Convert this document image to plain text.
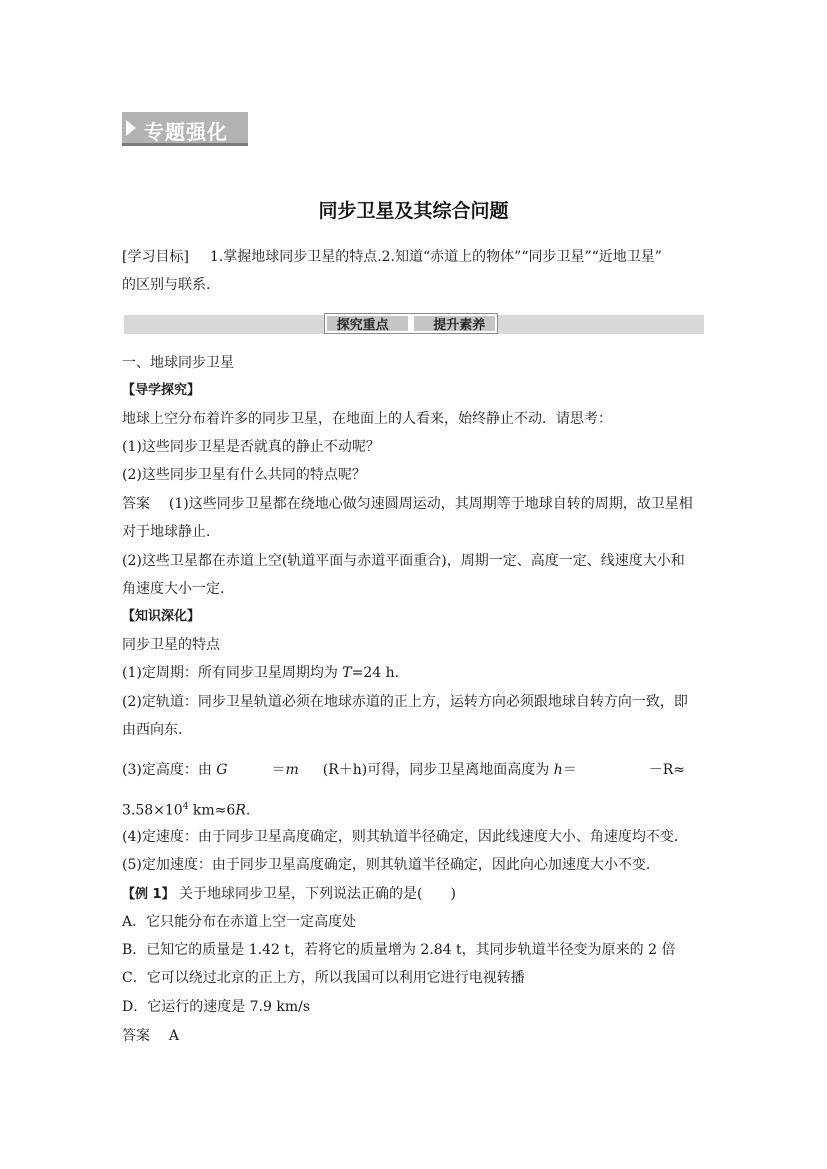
专题强化
同步卫星及其综合问题
[学习目标] 1.掌握地球同步卫星的特点.2.知道“赤道上的物体”“同步卫星”“近地卫星”
的区别与联系.
探究重点	提升素养
一、地球同步卫星
【导学探究】
地球上空分布着许多的同步卫星，在地面上的人看来，始终静止不动．请思考：
(1)这些同步卫星是否就真的静止不动呢？
(2)这些同步卫星有什么共同的特点呢？
答案 (1)这些同步卫星都在绕地心做匀速圆周运动，其周期等于地球自转的周期，故卫星相
对于地球静止．
(2)这些卫星都在赤道上空(轨道平面与赤道平面重合)，周期一定、高度一定、线速度大小和
角速度大小一定．
【知识深化】
同步卫星的特点
(1)定周期：所有同步卫星周期均为 T=24 h.
(2)定轨道：同步卫星轨道必须在地球赤道的正上方，运转方向必须跟地球自转方向一致，即
由西向东．
(3)定高度：由 G	＝m (R＋h)可得，同步卫星离地面高度为 h＝	－R≈
$3.58\times 10^4$ km≈6R.
(4)定速度：由于同步卫星高度确定，则其轨道半径确定，因此线速度大小、角速度均不变．
(5)定加速度：由于同步卫星高度确定，则其轨道半径确定，因此向心加速度大小不变．
【例 1】 关于地球同步卫星，下列说法正确的是(　　)
A．它只能分布在赤道上空一定高度处
B．已知它的质量是 1.42 t，若将它的质量增为 2.84 t，其同步轨道半径变为原来的 2 倍
C．它可以绕过北京的正上方，所以我国可以利用它进行电视转播
D．它运行的速度是 7.9 km/s
答案 A
